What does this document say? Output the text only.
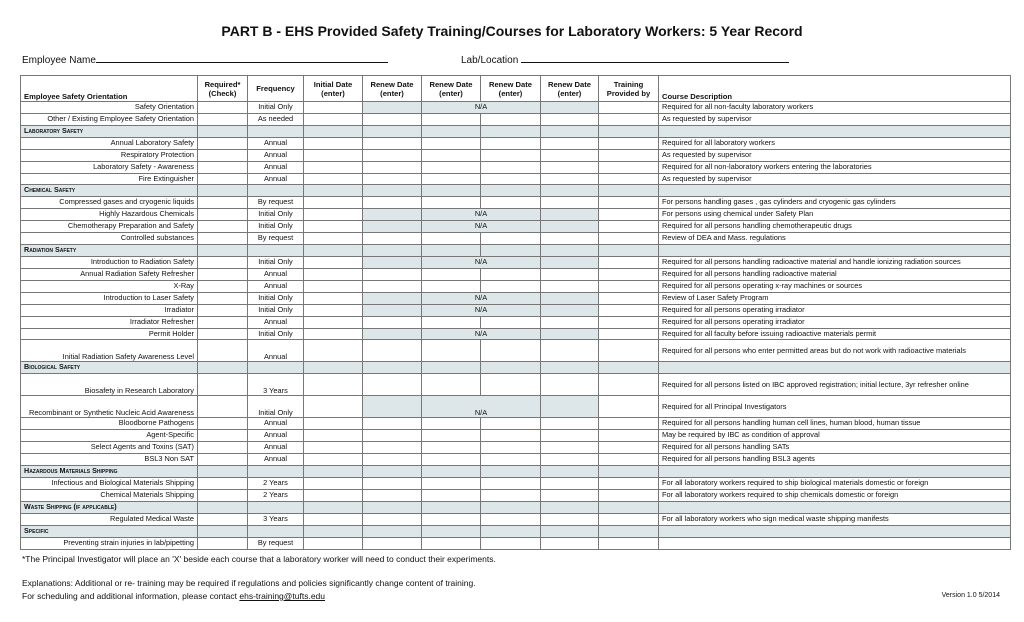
PART B - EHS Provided Safety Training/Courses for Laboratory Workers: 5 Year Record
Employee Name	Lab/Location
Employee Safety Orientation	Required* (Check)	Frequency	Initial Date (enter)	Renew Date (enter)	Renew Date (enter)	Renew Date (enter)	Renew Date (enter)	Training Provided by	Course Description
Safety Orientation		Initial Only			N/A				Required for all non-faculty laboratory workers
Other / Existing Employee Safety Orientation		As needed							As requested by supervisor
Laboratory Safety									
Annual Laboratory Safety		Annual							Required for all laboratory workers
Respiratory Protection		Annual							As requested by supervisor
Laboratory Safety - Awareness		Annual							Required for all non-laboratory workers entering the laboratories
Fire Extinguisher		Annual							As requested by supervisor
Chemical Safety									
Compressed gases and cryogenic liquids		By request							For persons handling gases , gas cylinders and cryogenic gas cylinders
Highly Hazardous Chemicals		Initial Only			N/A				For persons using chemical under Safety Plan
Chemotherapy Preparation and Safety		Initial Only			N/A				Required for all persons handling chemotherapeutic drugs
Controlled substances		By request							Review of DEA and Mass. regulations
Radiation Safety									
Introduction to Radiation Safety		Initial Only			N/A				Required for all persons handling radioactive material and handle ionizing radiation sources
Annual Radiation Safety Refresher		Annual							Required for all persons handling radioactive material
X-Ray		Annual							Required for all persons operating x-ray machines or sources
Introduction to Laser Safety		Initial Only			N/A				Review of Laser Safety Program
Irradiator		Initial Only			N/A				Required for all persons operating irradiator
Irradiator Refresher		Annual							Required for all persons operating irradiator
Permit Holder		Initial Only			N/A				Required for all faculty before issuing radioactive materials permit
Initial Radiation Safety Awareness Level		Annual							Required for all persons who enter permitted areas but do not work with radioactive materials
Biological Safety									
Biosafety in Research Laboratory		3 Years							Required for all persons listed on IBC approved registration; initial lecture, 3yr refresher online
Recombinant or Synthetic Nucleic Acid Awareness		Initial Only			N/A				Required for all Principal Investigators
Bloodborne Pathogens		Annual							Required for all persons handling human cell lines, human blood, human tissue
Agent-Specific		Annual							May be required by IBC as condition of approval
Select Agents and Toxins (SAT)		Annual							Required for all persons handling SATs
BSL3 Non SAT		Annual							Required for all persons handling BSL3 agents
Hazardous Materials Shipping									
Infectious and Biological Materials Shipping		2 Years							For all laboratory workers required to ship biological materials domestic or foreign
Chemical Materials Shipping		2 Years							For all laboratory workers required to ship chemicals domestic or foreign
Waste Shipping (if applicable)									
Regulated Medical Waste		3 Years							For all laboratory workers who sign medical waste shipping manifests
Specific									
Preventing strain injuries in lab/pipetting		By request							
*The Principal Investigator will place an 'X' beside each course that a laboratory worker will need to conduct their experiments.
Explanations: Additional or re- training may be required if regulations and policies significantly change content of training.
For scheduling and additional information, please contact ehs-training@tufts.edu	Version 1.0 5/2014
